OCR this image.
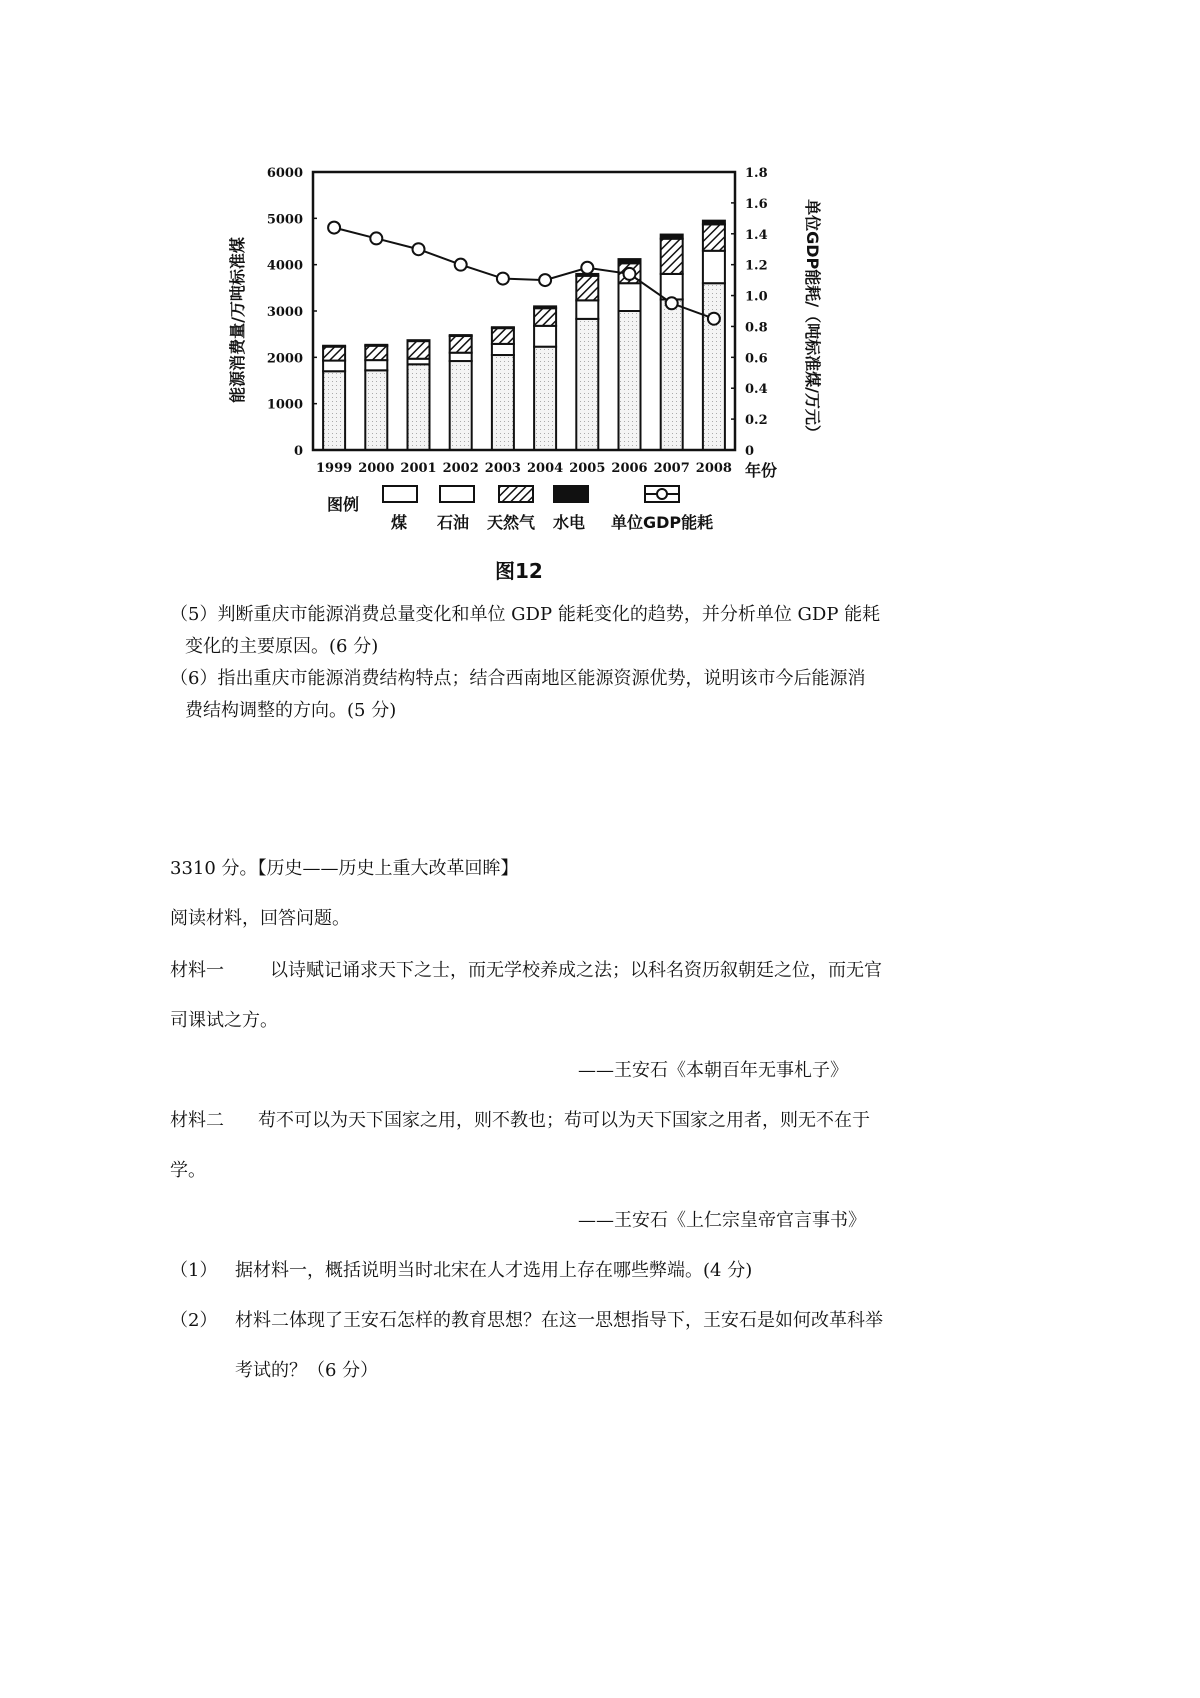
0
1000
2000
3000
4000
5000
6000
0
0.2
0.4
0.6
0.8
1.0
1.2
1.4
1.6
1.8
1999 2000 2001 2002 2003 2004 2005 2006 2007 2008
能源消费量/万吨标准煤	单位GDP能耗/（吨标准煤/万元）
年份
图例
煤 石油 天然气 水电 单位GDP能耗
图12
（5）判断重庆市能源消费总量变化和单位 GDP 能耗变化的趋势，并分析单位 GDP 能耗
变化的主要原因。(6 分)
（6）指出重庆市能源消费结构特点；结合西南地区能源资源优势，说明该市今后能源消
费结构调整的方向。(5 分)
3310 分。【历史——历史上重大改革回眸】
阅读材料，回答问题。
材料一	以诗赋记诵求天下之士，而无学校养成之法；以科名资历叙朝廷之位，而无官
司课试之方。
——王安石《本朝百年无事札子》
材料二 苟不可以为天下国家之用，则不教也；苟可以为天下国家之用者，则无不在于
学。
——王安石《上仁宗皇帝官言事书》
（1） 据材料一，概括说明当时北宋在人才选用上存在哪些弊端。(4 分)
（2） 材料二体现了王安石怎样的教育思想？在这一思想指导下，王安石是如何改革科举
考试的？（6 分）
